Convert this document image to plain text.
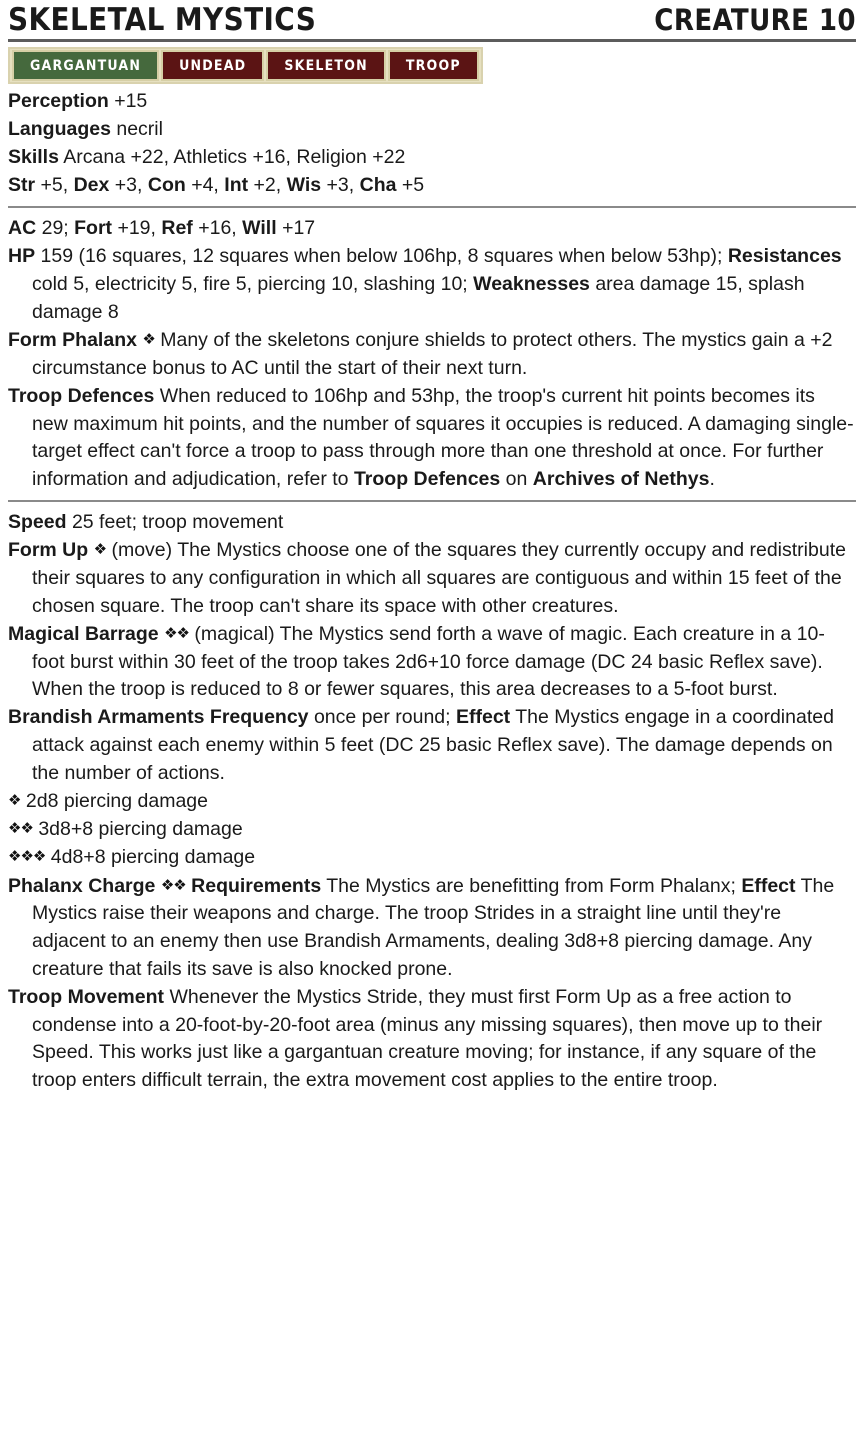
SKELETAL MYSTICS	CREATURE 10
GARGANTUAN	UNDEAD	SKELETON	TROOP
Perception +15
Languages necril
Skills Arcana +22, Athletics +16, Religion +22
Str +5, Dex +3, Con +4, Int +2, Wis +3, Cha +5
AC 29; Fort +19, Ref +16, Will +17
HP 159 (16 squares, 12 squares when below 106hp, 8 squares when below 53hp); Resistances cold 5, electricity 5, fire 5, piercing 10, slashing 10; Weaknesses area damage 15, splash damage 8
Form Phalanx ❖ Many of the skeletons conjure shields to protect others. The mystics gain a +2 circumstance bonus to AC until the start of their next turn.
Troop Defences When reduced to 106hp and 53hp, the troop's current hit points becomes its new maximum hit points, and the number of squares it occupies is reduced. A damaging single-target effect can't force a troop to pass through more than one threshold at once. For further information and adjudication, refer to Troop Defences on Archives of Nethys.
Speed 25 feet; troop movement
Form Up ❖ (move) The Mystics choose one of the squares they currently occupy and redistribute their squares to any configuration in which all squares are contiguous and within 15 feet of the chosen square. The troop can't share its space with other creatures.
Magical Barrage ❖❖ (magical) The Mystics send forth a wave of magic. Each creature in a 10-foot burst within 30 feet of the troop takes 2d6+10 force damage (DC 24 basic Reflex save). When the troop is reduced to 8 or fewer squares, this area decreases to a 5-foot burst.
Brandish Armaments Frequency once per round; Effect The Mystics engage in a coordinated attack against each enemy within 5 feet (DC 25 basic Reflex save). The damage depends on the number of actions.
❖ 2d8 piercing damage
❖❖ 3d8+8 piercing damage
❖❖❖ 4d8+8 piercing damage
Phalanx Charge ❖❖ Requirements The Mystics are benefitting from Form Phalanx; Effect The Mystics raise their weapons and charge. The troop Strides in a straight line until they're adjacent to an enemy then use Brandish Armaments, dealing 3d8+8 piercing damage. Any creature that fails its save is also knocked prone.
Troop Movement Whenever the Mystics Stride, they must first Form Up as a free action to condense into a 20-foot-by-20-foot area (minus any missing squares), then move up to their Speed. This works just like a gargantuan creature moving; for instance, if any square of the troop enters difficult terrain, the extra movement cost applies to the entire troop.
